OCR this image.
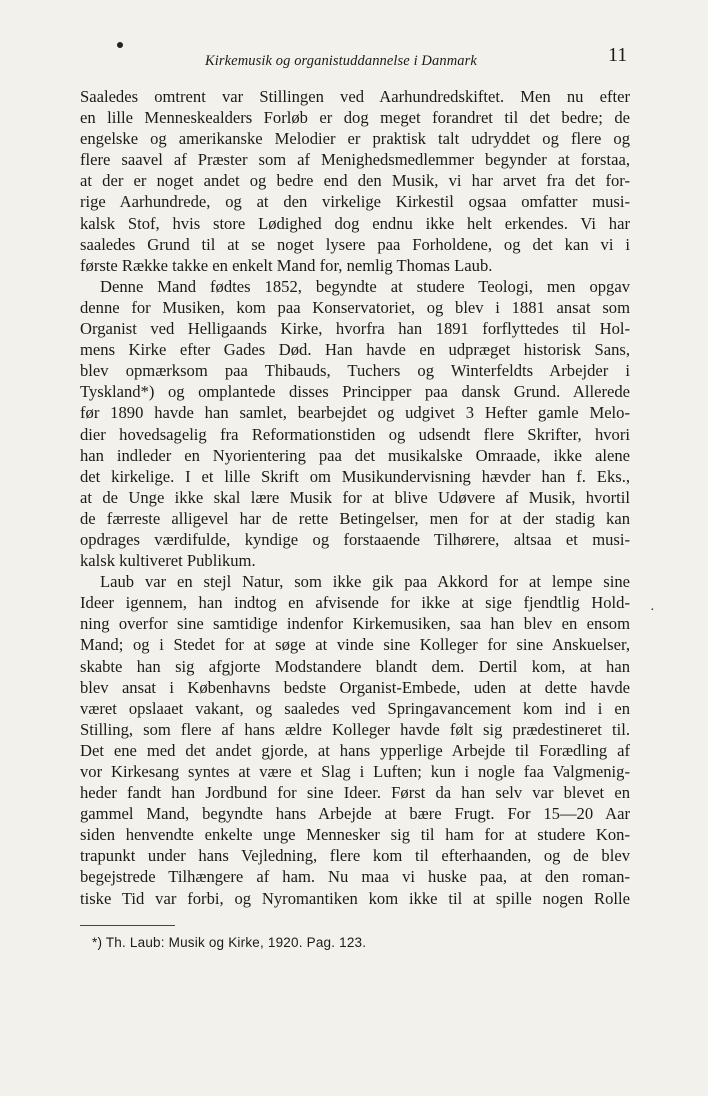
Kirkemusik og organistuddannelse i Danmark	11
Saaledes omtrent var Stillingen ved Aarhundredskiftet. Men nu efter
en lille Menneskealders Forløb er dog meget forandret til det bedre; de
engelske og amerikanske Melodier er praktisk talt udryddet og flere og
flere saavel af Præster som af Menighedsmedlemmer begynder at forstaa,
at der er noget andet og bedre end den Musik, vi har arvet fra det for-
rige Aarhundrede, og at den virkelige Kirkestil ogsaa omfatter musi-
kalsk Stof, hvis store Lødighed dog endnu ikke helt erkendes. Vi har
saaledes Grund til at se noget lysere paa Forholdene, og det kan vi i
første Række takke en enkelt Mand for, nemlig Thomas Laub.
Denne Mand fødtes 1852, begyndte at studere Teologi, men opgav
denne for Musiken, kom paa Konservatoriet, og blev i 1881 ansat som
Organist ved Helligaands Kirke, hvorfra han 1891 forflyttedes til Hol-
mens Kirke efter Gades Død. Han havde en udpræget historisk Sans,
blev opmærksom paa Thibauds, Tuchers og Winterfeldts Arbejder i
Tyskland*) og omplantede disses Principper paa dansk Grund. Allerede
før 1890 havde han samlet, bearbejdet og udgivet 3 Hefter gamle Melo-
dier hovedsagelig fra Reformationstiden og udsendt flere Skrifter, hvori
han indleder en Nyorientering paa det musikalske Omraade, ikke alene
det kirkelige. I et lille Skrift om Musikundervisning hævder han f. Eks.,
at de Unge ikke skal lære Musik for at blive Udøvere af Musik, hvortil
de færreste alligevel har de rette Betingelser, men for at der stadig kan
opdrages værdifulde, kyndige og forstaaende Tilhørere, altsaa et musi-
kalsk kultiveret Publikum.
Laub var en stejl Natur, som ikke gik paa Akkord for at lempe sine
Ideer igennem, han indtog en afvisende for ikke at sige fjendtlig Hold-
ning overfor sine samtidige indenfor Kirkemusiken, saa han blev en ensom
Mand; og i Stedet for at søge at vinde sine Kolleger for sine Anskuelser,
skabte han sig afgjorte Modstandere blandt dem. Dertil kom, at han
blev ansat i Københavns bedste Organist-Embede, uden at dette havde
været opslaaet vakant, og saaledes ved Springavancement kom ind i en
Stilling, som flere af hans ældre Kolleger havde følt sig prædestineret til.
Det ene med det andet gjorde, at hans ypperlige Arbejde til Forædling af
vor Kirkesang syntes at være et Slag i Luften; kun i nogle faa Valgmenig-
heder fandt han Jordbund for sine Ideer. Først da han selv var blevet en
gammel Mand, begyndte hans Arbejde at bære Frugt. For 15—20 Aar
siden henvendte enkelte unge Mennesker sig til ham for at studere Kon-
trapunkt under hans Vejledning, flere kom til efterhaanden, og de blev
begejstrede Tilhængere af ham. Nu maa vi huske paa, at den roman-
tiske Tid var forbi, og Nyromantiken kom ikke til at spille nogen Rolle
·
*) Th. Laub: Musik og Kirke, 1920. Pag. 123.
